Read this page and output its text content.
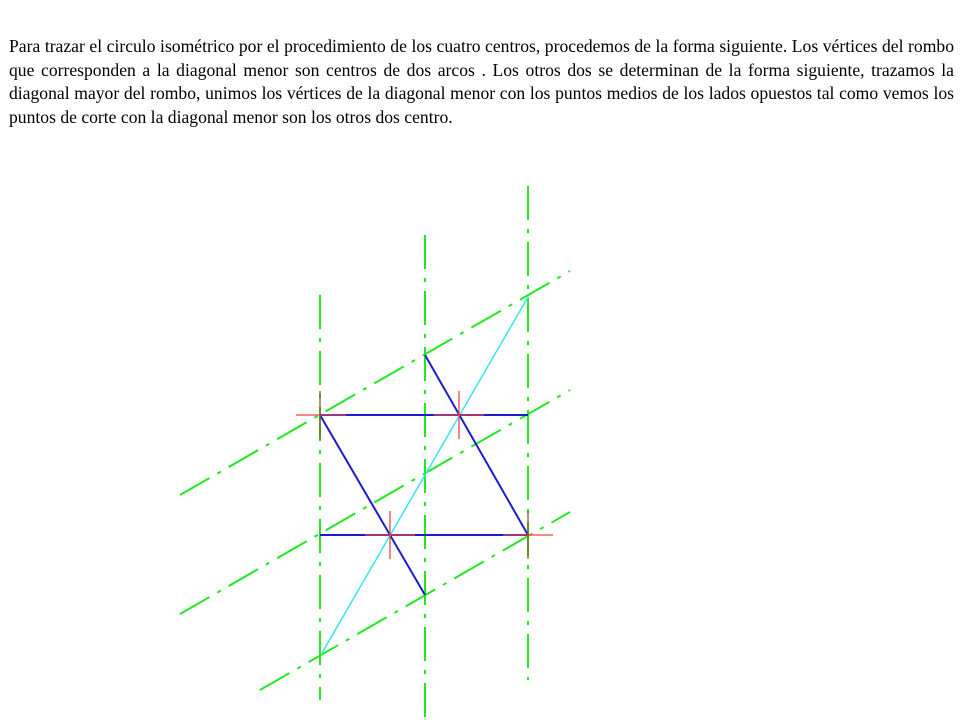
Para trazar el circulo isométrico por el procedimiento de los cuatro centros, procedemos de la forma siguiente. Los vértices del rombo que corresponden a la diagonal menor son centros de dos arcos . Los otros dos se determinan de la forma siguiente, trazamos la diagonal mayor del rombo, unimos los vértices de la diagonal menor con los puntos medios de los lados opuestos tal como vemos los puntos de corte con la diagonal menor son los otros dos centro.
